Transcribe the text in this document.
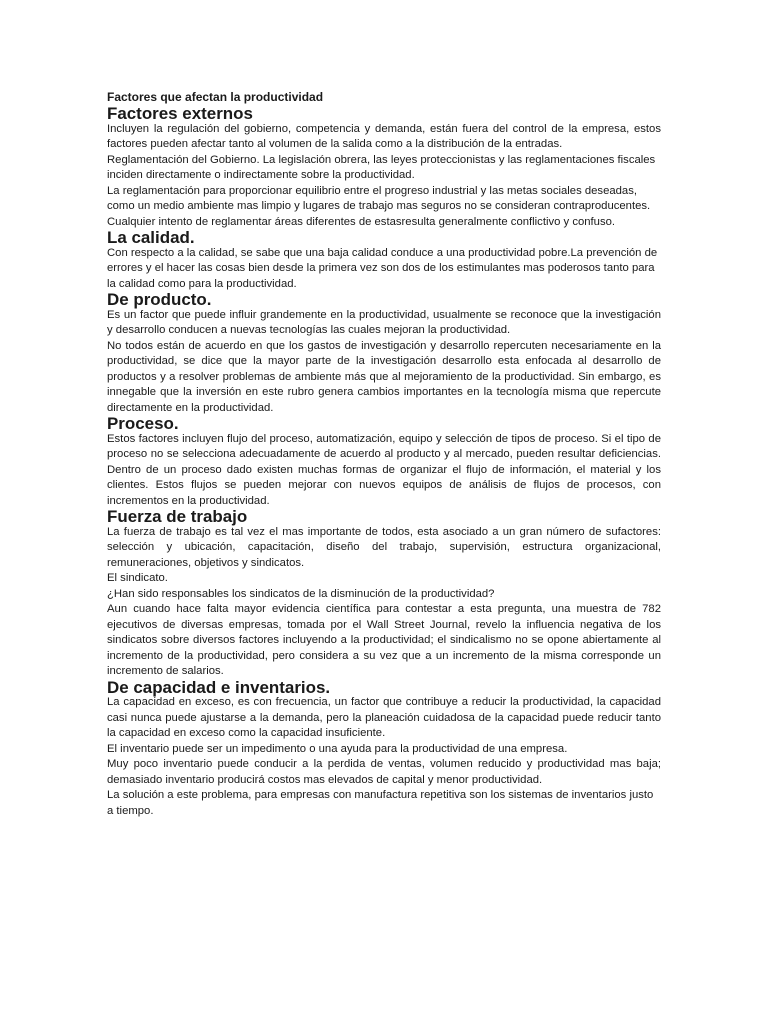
Factores que afectan la productividad
Factores externos

Incluyen la regulación del gobierno, competencia y demanda, están fuera del control de la empresa, estos factores pueden afectar tanto al volumen de la salida como a la distribución de la entradas.

Reglamentación del Gobierno. La legislación obrera, las leyes proteccionistas y las reglamentaciones fiscales inciden directamente o indirectamente sobre la productividad.

La reglamentación para proporcionar equilibrio entre el progreso industrial y las metas sociales deseadas, como un medio ambiente mas limpio y lugares de trabajo mas seguros no se consideran contraproducentes. Cualquier intento de reglamentar áreas diferentes de estasresulta generalmente conflictivo y confuso.

La calidad.

Con respecto a la calidad, se sabe que una baja calidad conduce a una productividad pobre.La prevención de errores y el hacer las cosas bien desde la primera vez son dos de los estimulantes mas poderosos tanto para la calidad como para la productividad.

De producto.

Es un factor que puede influir grandemente en la productividad, usualmente se reconoce que la investigación y desarrollo conducen a nuevas tecnologías las cuales mejoran la productividad.

No todos están de acuerdo en que los gastos de investigación y desarrollo repercuten necesariamente en la productividad, se dice que la mayor parte de la investigación desarrollo esta enfocada al desarrollo de productos y a resolver problemas de ambiente más que al mejoramiento de la productividad. Sin embargo, es innegable que la inversión en este rubro genera cambios importantes en la tecnología misma que repercute directamente en la productividad.

Proceso.

Estos factores incluyen flujo del proceso, automatización, equipo y selección de tipos de proceso. Si el tipo de proceso no se selecciona adecuadamente de acuerdo al producto y al mercado, pueden resultar deficiencias. Dentro de un proceso dado existen muchas formas de organizar el flujo de información, el material y los clientes. Estos flujos se pueden mejorar con nuevos equipos de análisis de flujos de procesos, con incrementos en la productividad.

Fuerza de trabajo

La fuerza de trabajo es tal vez el mas importante de todos, esta asociado a un gran número de sufactores: selección y ubicación, capacitación, diseño del trabajo, supervisión, estructura organizacional, remuneraciones, objetivos y sindicatos.

El sindicato.

¿Han sido responsables los sindicatos de la disminución de la productividad?

Aun cuando hace falta mayor evidencia científica para contestar a esta pregunta, una muestra de 782 ejecutivos de diversas empresas, tomada por el Wall Street Journal, revelo la influencia negativa de los sindicatos sobre diversos factores incluyendo a la productividad; el sindicalismo no se opone abiertamente al incremento de la productividad, pero considera a su vez que a un incremento de la misma corresponde un incremento de salarios.

De capacidad e inventarios.

La capacidad en exceso, es con frecuencia, un factor que contribuye a reducir la productividad, la capacidad casi nunca puede ajustarse a la demanda, pero la planeación cuidadosa de la capacidad puede reducir tanto la capacidad en exceso como la capacidad insuficiente.

El inventario puede ser un impedimento o una ayuda para la productividad de una empresa.

Muy poco inventario puede conducir a la perdida de ventas, volumen reducido y productividad mas baja; demasiado inventario producirá costos mas elevados de capital y menor productividad.

La solución a este problema, para empresas con manufactura repetitiva son los sistemas de inventarios justo a tiempo.
